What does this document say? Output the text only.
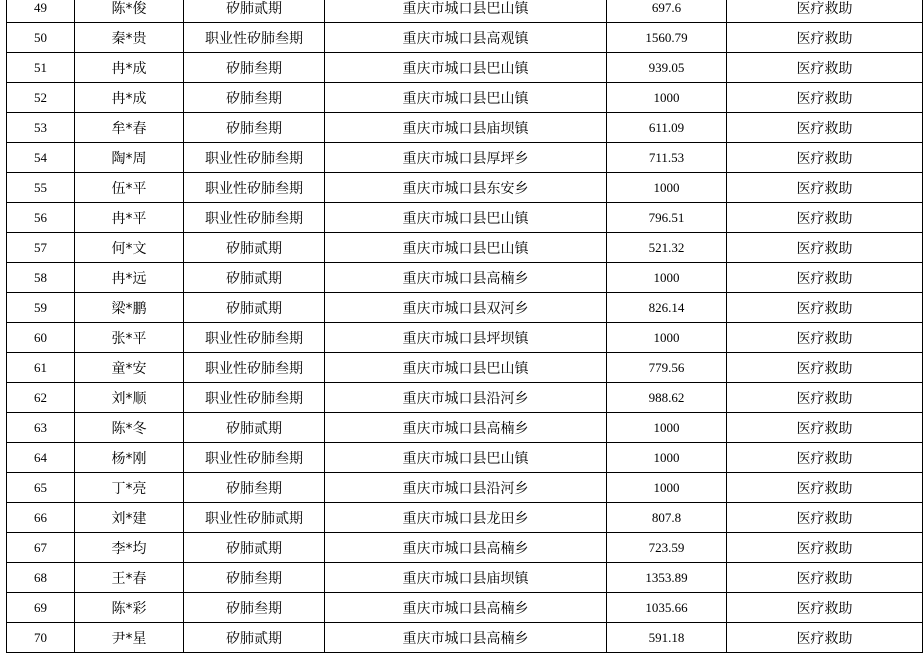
49	陈*俊	矽肺贰期	重庆市城口县巴山镇	697.6	医疗救助
50	秦*贵	职业性矽肺叁期	重庆市城口县高观镇	1560.79	医疗救助
51	冉*成	矽肺叁期	重庆市城口县巴山镇	939.05	医疗救助
52	冉*成	矽肺叁期	重庆市城口县巴山镇	1000	医疗救助
53	牟*春	矽肺叁期	重庆市城口县庙坝镇	611.09	医疗救助
54	陶*周	职业性矽肺叁期	重庆市城口县厚坪乡	711.53	医疗救助
55	伍*平	职业性矽肺叁期	重庆市城口县东安乡	1000	医疗救助
56	冉*平	职业性矽肺叁期	重庆市城口县巴山镇	796.51	医疗救助
57	何*文	矽肺贰期	重庆市城口县巴山镇	521.32	医疗救助
58	冉*远	矽肺贰期	重庆市城口县高楠乡	1000	医疗救助
59	梁*鹏	矽肺贰期	重庆市城口县双河乡	826.14	医疗救助
60	张*平	职业性矽肺叁期	重庆市城口县坪坝镇	1000	医疗救助
61	童*安	职业性矽肺叁期	重庆市城口县巴山镇	779.56	医疗救助
62	刘*顺	职业性矽肺叁期	重庆市城口县沿河乡	988.62	医疗救助
63	陈*冬	矽肺贰期	重庆市城口县高楠乡	1000	医疗救助
64	杨*刚	职业性矽肺叁期	重庆市城口县巴山镇	1000	医疗救助
65	丁*亮	矽肺叁期	重庆市城口县沿河乡	1000	医疗救助
66	刘*建	职业性矽肺贰期	重庆市城口县龙田乡	807.8	医疗救助
67	李*均	矽肺贰期	重庆市城口县高楠乡	723.59	医疗救助
68	王*春	矽肺叁期	重庆市城口县庙坝镇	1353.89	医疗救助
69	陈*彩	矽肺叁期	重庆市城口县高楠乡	1035.66	医疗救助
70	尹*星	矽肺贰期	重庆市城口县高楠乡	591.18	医疗救助
